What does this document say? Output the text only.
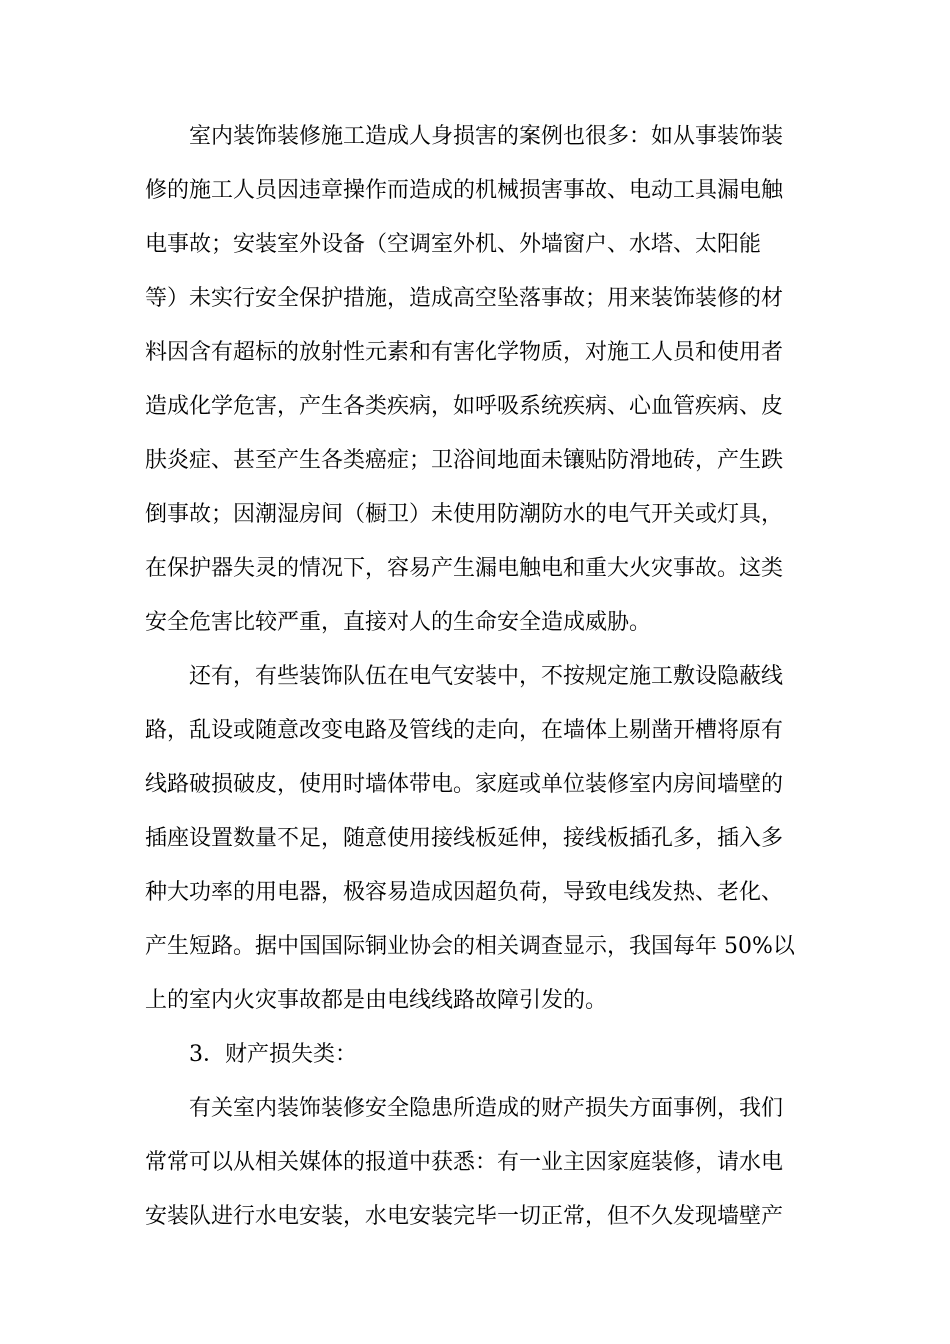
室内装饰装修施工造成人身损害的案例也很多：如从事装饰装
修的施工人员因违章操作而造成的机械损害事故、电动工具漏电触
电事故；安装室外设备（空调室外机、外墙窗户、水塔、太阳能
等）未实行安全保护措施，造成高空坠落事故；用来装饰装修的材
料因含有超标的放射性元素和有害化学物质，对施工人员和使用者
造成化学危害，产生各类疾病，如呼吸系统疾病、心血管疾病、皮
肤炎症、甚至产生各类癌症；卫浴间地面未镶贴防滑地砖，产生跌
倒事故；因潮湿房间（橱卫）未使用防潮防水的电气开关或灯具，
在保护器失灵的情况下，容易产生漏电触电和重大火灾事故。这类
安全危害比较严重，直接对人的生命安全造成威胁。
还有，有些装饰队伍在电气安装中，不按规定施工敷设隐蔽线
路，乱设或随意改变电路及管线的走向，在墙体上剔凿开槽将原有
线路破损破皮，使用时墙体带电。家庭或单位装修室内房间墙壁的
插座设置数量不足，随意使用接线板延伸，接线板插孔多，插入多
种大功率的用电器，极容易造成因超负荷，导致电线发热、老化、
产生短路。据中国国际铜业协会的相关调查显示，我国每年 50%以
上的室内火灾事故都是由电线线路故障引发的。
3．财产损失类：
有关室内装饰装修安全隐患所造成的财产损失方面事例，我们
常常可以从相关媒体的报道中获悉：有一业主因家庭装修，请水电
安装队进行水电安装，水电安装完毕一切正常，但不久发现墙壁产
